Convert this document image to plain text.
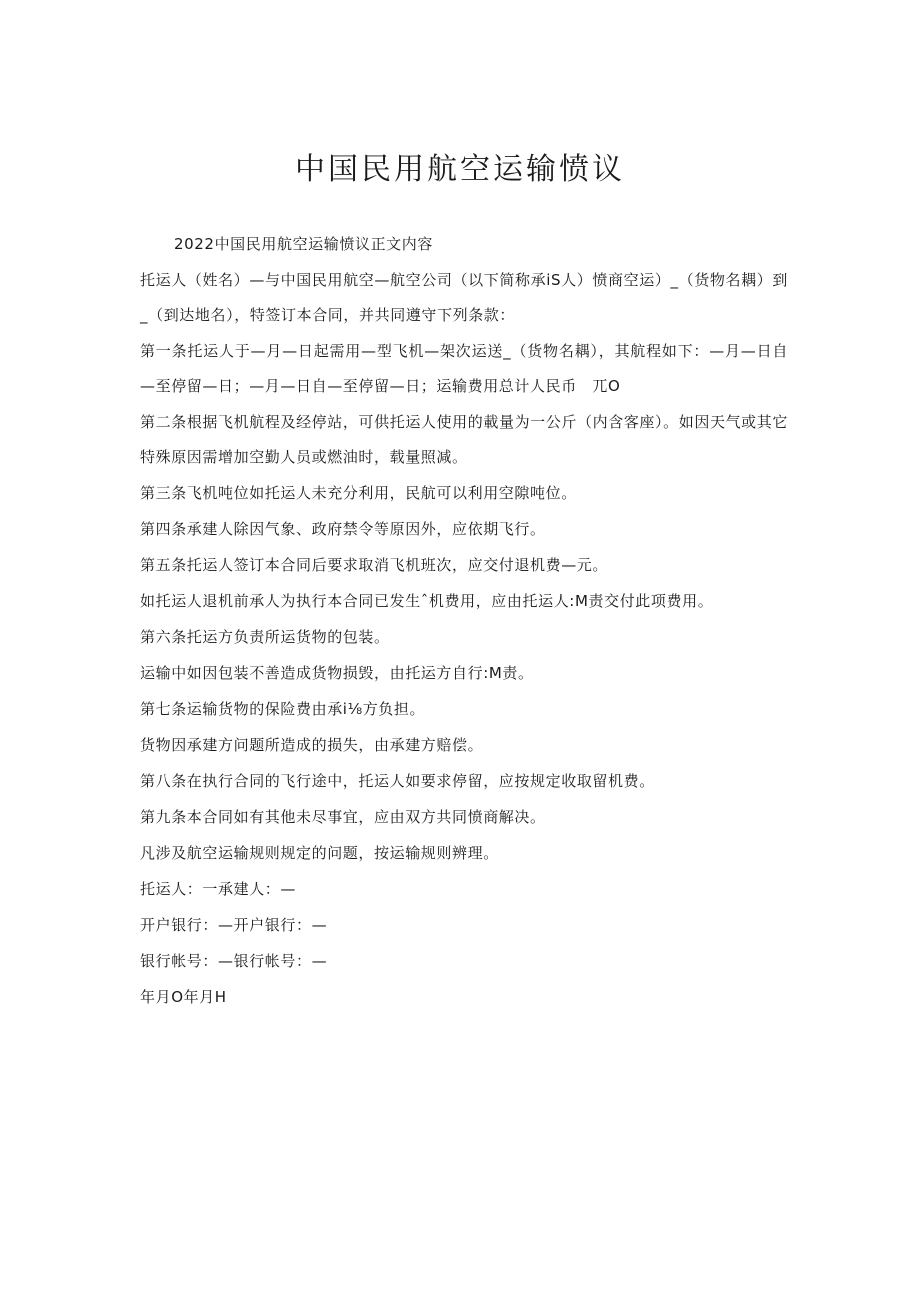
中国民用航空运输愤议

2022中国民用航空运输愤议正文内容

托运人（姓名）—与中国民用航空—航空公司（以下简称承iS人）愤商空运）_（货物名耦）到_（到达地名），特签订本合同，并共同遵守下列条款：

第一条托运人于—月—日起需用—型飞机—架次运送_（货物名耦），其航程如下：—月—日自—至停留—日；—月—日自—至停留—日；运输费用总计人民币　兀O

第二条根据飞机航程及经停站，可供托运人使用的載量为一公斤（内含客座）。如因天气或其它特殊原因需增加空勤人员或燃油时，载量照减。

第三条飞机吨位如托运人未充分利用，民航可以利用空隙吨位。

第四条承建人除因气象、政府禁令等原因外，应依期飞行。

第五条托运人签订本合同后要求取消飞机班次，应交付退机费—元。

如托运人退机前承人为执行本合同已发生ˆ机费用，应由托运人:M责交付此项费用。

第六条托运方负责所运货物的包装。

运输中如因包装不善造成货物损毁，由托运方自行:M责。

第七条运输货物的保险费由承i⅛方负担。

货物因承建方问题所造成的损失，由承建方赔偿。

第八条在执行合同的飞行途中，托运人如要求停留，应按规定收取留机费。

第九条本合同如有其他未尽事宜，应由双方共同愤商解决。

凡涉及航空运输规则规定的问题，按运输规则辨理。

托运人：一承建人：—

开户银行：—开户银行：—

银行帐号：—银行帐号：—

年月O年月H
